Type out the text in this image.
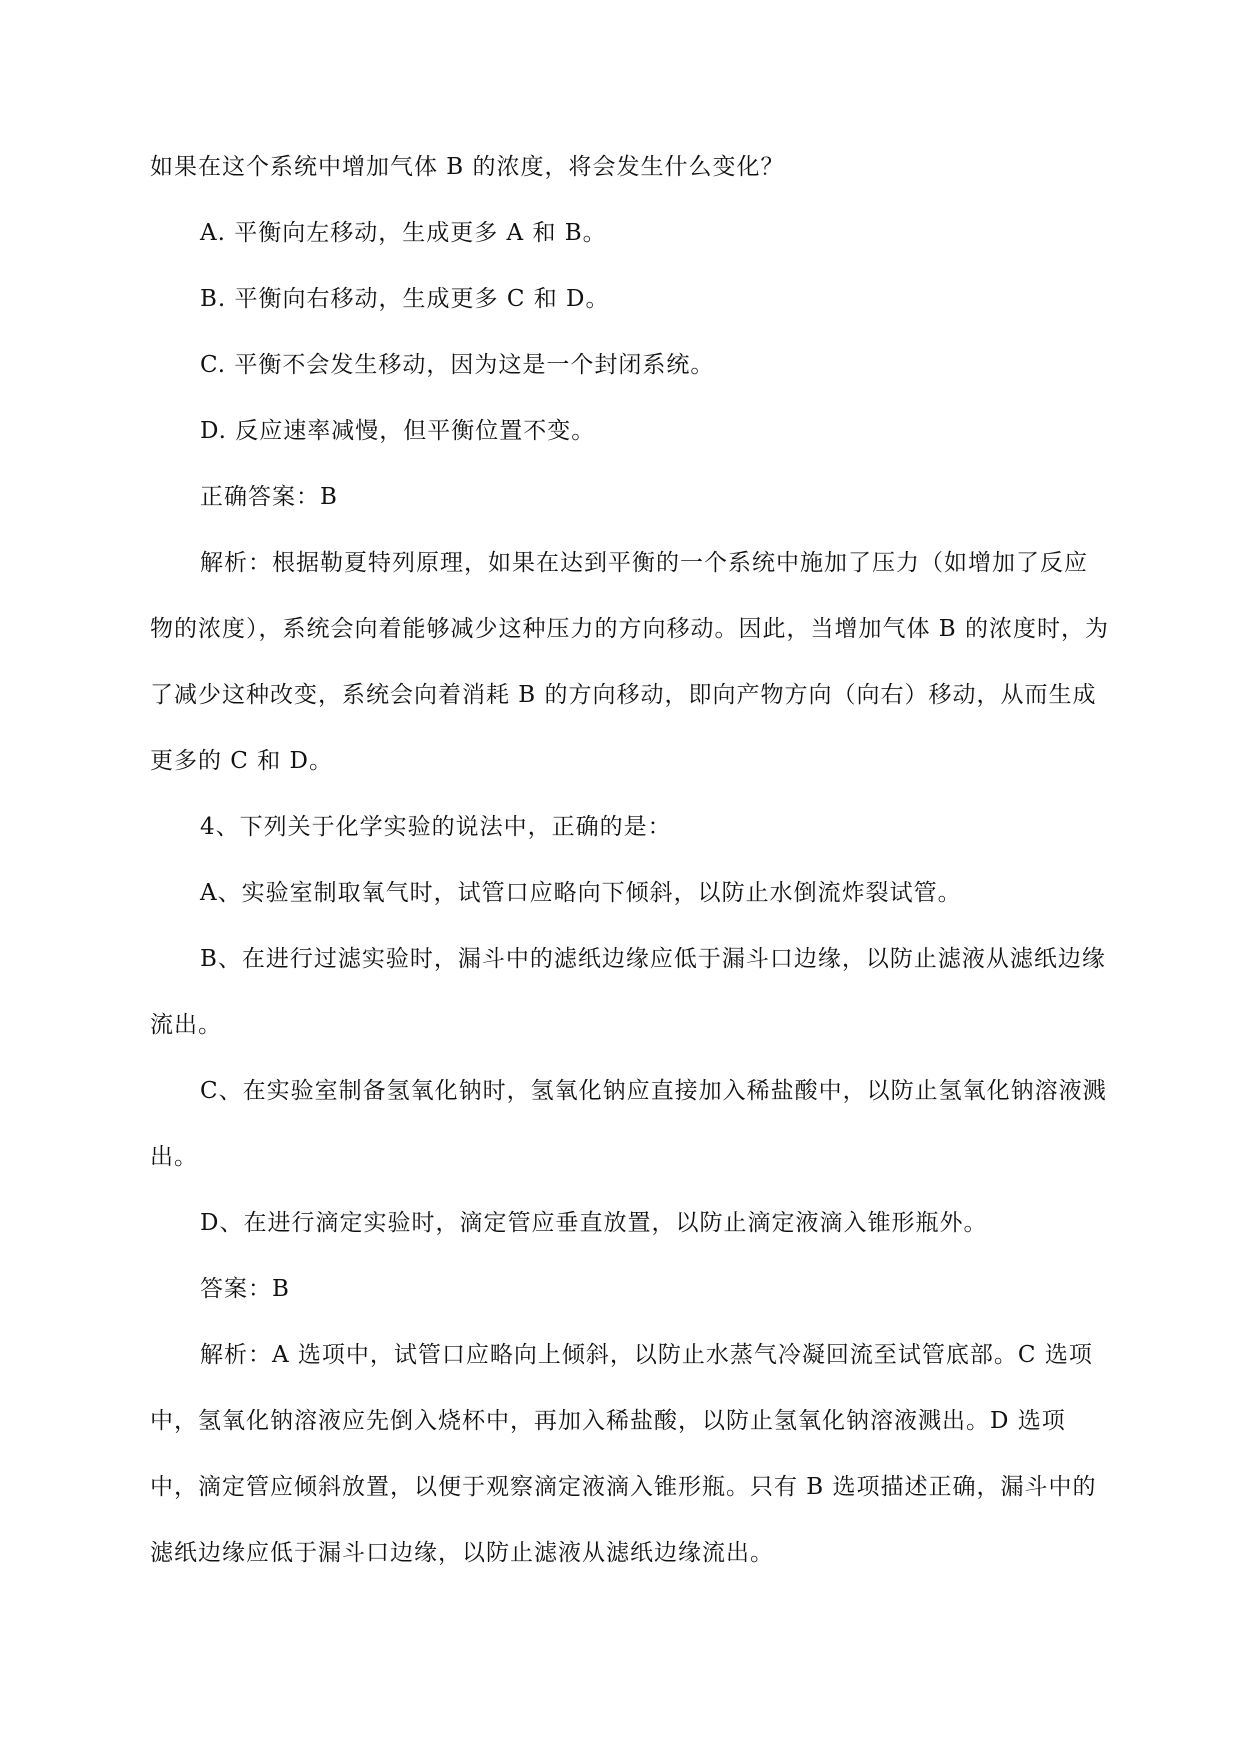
如果在这个系统中增加气体 B 的浓度，将会发生什么变化？

A. 平衡向左移动，生成更多 A 和 B。

B. 平衡向右移动，生成更多 C 和 D。

C. 平衡不会发生移动，因为这是一个封闭系统。

D. 反应速率减慢，但平衡位置不变。

正确答案：B

解析：根据勒夏特列原理，如果在达到平衡的一个系统中施加了压力（如增加了反应物的浓度），系统会向着能够减少这种压力的方向移动。因此，当增加气体 B 的浓度时，为了减少这种改变，系统会向着消耗 B 的方向移动，即向产物方向（向右）移动，从而生成更多的 C 和 D。

4、下列关于化学实验的说法中，正确的是：

A、实验室制取氧气时，试管口应略向下倾斜，以防止水倒流炸裂试管。

B、在进行过滤实验时，漏斗中的滤纸边缘应低于漏斗口边缘，以防止滤液从滤纸边缘流出。

C、在实验室制备氢氧化钠时，氢氧化钠应直接加入稀盐酸中，以防止氢氧化钠溶液溅出。

D、在进行滴定实验时，滴定管应垂直放置，以防止滴定液滴入锥形瓶外。

答案：B

解析：A 选项中，试管口应略向上倾斜，以防止水蒸气冷凝回流至试管底部。C 选项中，氢氧化钠溶液应先倒入烧杯中，再加入稀盐酸，以防止氢氧化钠溶液溅出。D 选项中，滴定管应倾斜放置，以便于观察滴定液滴入锥形瓶。只有 B 选项描述正确，漏斗中的滤纸边缘应低于漏斗口边缘，以防止滤液从滤纸边缘流出。
